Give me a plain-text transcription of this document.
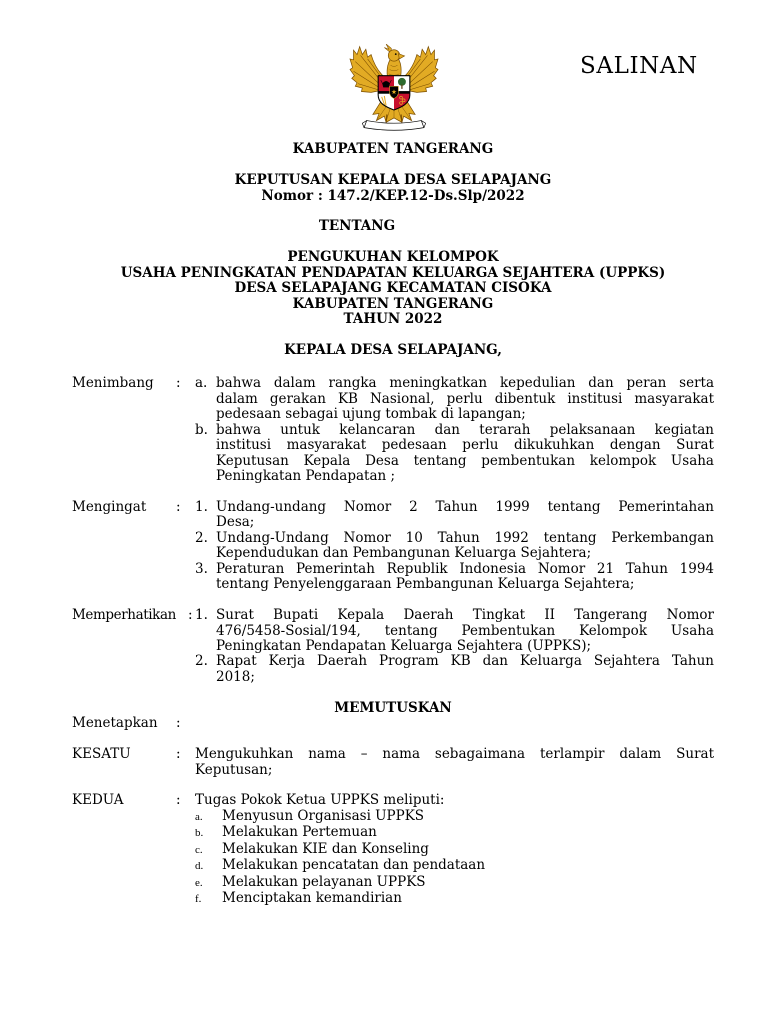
SALINAN
KABUPATEN TANGERANG
KEPUTUSAN KEPALA DESA SELAPAJANG
Nomor : 147.2/KEP.12-Ds.Slp/2022
TENTANG
PENGUKUHAN KELOMPOK
USAHA PENINGKATAN PENDAPATAN KELUARGA SEJAHTERA (UPPKS)
DESA SELAPAJANG KECAMATAN CISOKA
KABUPATEN TANGERANG
TAHUN 2022
KEPALA DESA SELAPAJANG,
Menimbang	:	a. bahwa dalam rangka meningkatkan kepedulian dan peran serta
dalam gerakan KB Nasional, perlu dibentuk institusi masyarakat
pedesaan sebagai ujung tombak di lapangan;
b. bahwa untuk kelancaran dan terarah pelaksanaan kegiatan
institusi masyarakat pedesaan perlu dikukuhkan dengan Surat
Keputusan Kepala Desa tentang pembentukan kelompok Usaha
Peningkatan Pendapatan ;
Mengingat	:	1. Undang-undang Nomor 2 Tahun 1999 tentang Pemerintahan
Desa;
2. Undang-Undang Nomor 10 Tahun 1992 tentang Perkembangan
Kependudukan dan Pembangunan Keluarga Sejahtera;
3. Peraturan Pemerintah Republik Indonesia Nomor 21 Tahun 1994
tentang Penyelenggaraan Pembangunan Keluarga Sejahtera;
Memperhatikan : 1. Surat Bupati Kepala Daerah Tingkat II Tangerang Nomor
476/5458-Sosial/194, tentang Pembentukan Kelompok Usaha
Peningkatan Pendapatan Keluarga Sejahtera (UPPKS);
2. Rapat Kerja Daerah Program KB dan Keluarga Sejahtera Tahun
2018;
MEMUTUSKAN
Menetapkan	:
KESATU	:	Mengukuhkan nama – nama sebagaimana terlampir dalam Surat
Keputusan;
KEDUA	:	Tugas Pokok Ketua UPPKS meliputi:
a.	Menyusun Organisasi UPPKS
b.	Melakukan Pertemuan
c.	Melakukan KIE dan Konseling
d.	Melakukan pencatatan dan pendataan
e.	Melakukan pelayanan UPPKS
f.	Menciptakan kemandirian
